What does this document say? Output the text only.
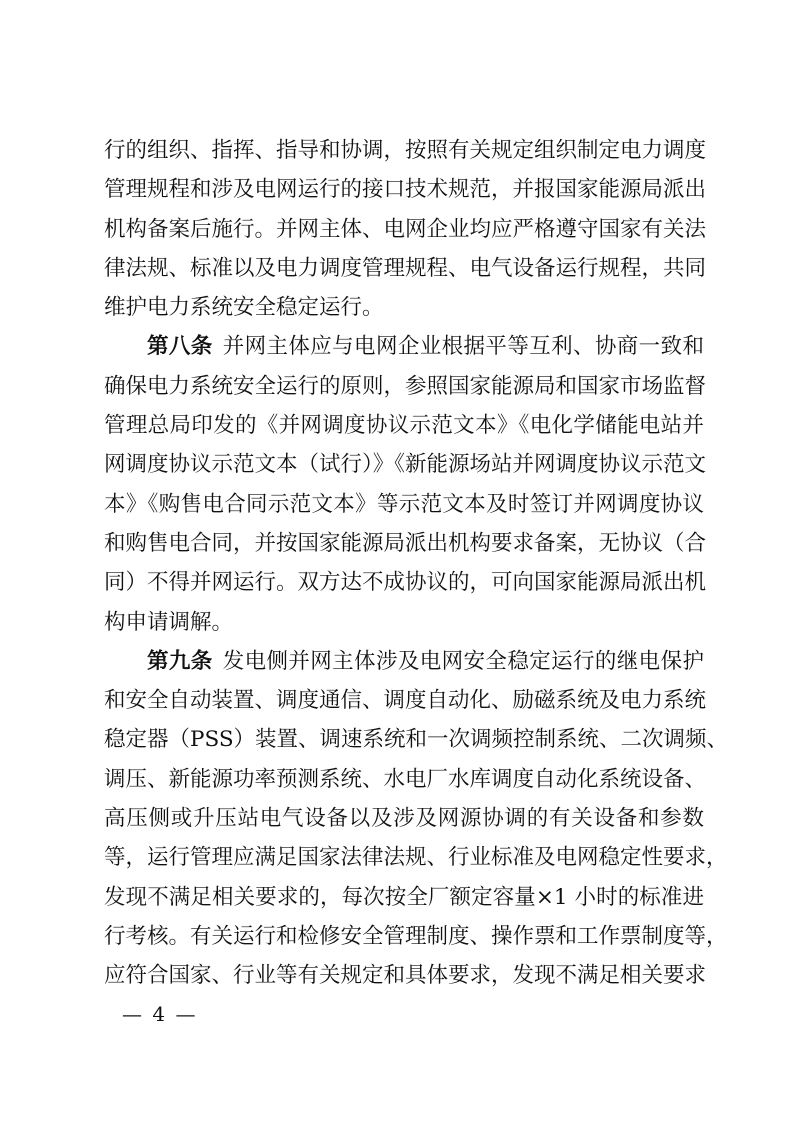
行的组织、指挥、指导和协调，按照有关规定组织制定电力调度
管理规程和涉及电网运行的接口技术规范，并报国家能源局派出
机构备案后施行。并网主体、电网企业均应严格遵守国家有关法
律法规、标准以及电力调度管理规程、电气设备运行规程，共同
维护电力系统安全稳定运行。
第八条 并网主体应与电网企业根据平等互利、协商一致和
确保电力系统安全运行的原则，参照国家能源局和国家市场监督
管理总局印发的《并网调度协议示范文本》《电化学储能电站并
网调度协议示范文本（试行）》《新能源场站并网调度协议示范文
本》《购售电合同示范文本》等示范文本及时签订并网调度协议
和购售电合同，并按国家能源局派出机构要求备案，无协议（合
同）不得并网运行。双方达不成协议的，可向国家能源局派出机
构申请调解。
第九条 发电侧并网主体涉及电网安全稳定运行的继电保护
和安全自动装置、调度通信、调度自动化、励磁系统及电力系统
稳定器（PSS）装置、调速系统和一次调频控制系统、二次调频、
调压、新能源功率预测系统、水电厂水库调度自动化系统设备、
高压侧或升压站电气设备以及涉及网源协调的有关设备和参数
等，运行管理应满足国家法律法规、行业标准及电网稳定性要求，
发现不满足相关要求的，每次按全厂额定容量×1 小时的标准进
行考核。有关运行和检修安全管理制度、操作票和工作票制度等，
应符合国家、行业等有关规定和具体要求，发现不满足相关要求
— 4 —
